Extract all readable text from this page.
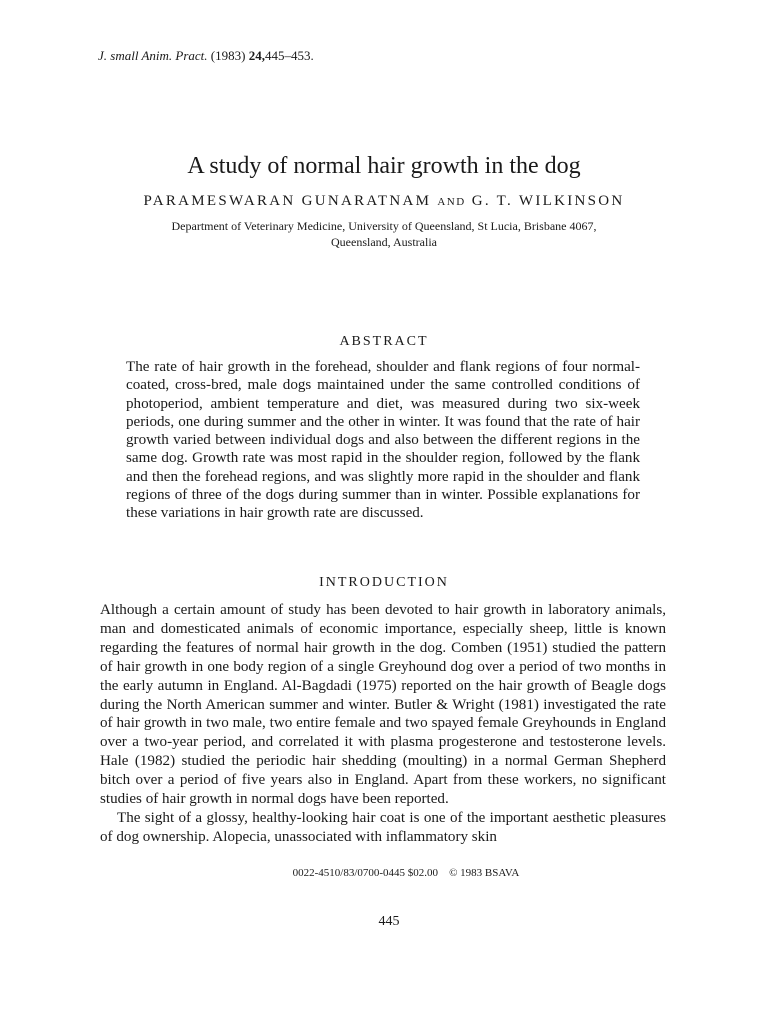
J. small Anim. Pract. (1983) 24,445–453.
A study of normal hair growth in the dog
PARAMESWARAN GUNARATNAM AND G. T. WILKINSON
Department of Veterinary Medicine, University of Queensland, St Lucia, Brisbane 4067,
Queensland, Australia
ABSTRACT
The rate of hair growth in the forehead, shoulder and flank regions of four normal-coated, cross-bred, male dogs maintained under the same controlled conditions of photoperiod, ambient temperature and diet, was measured during two six-week periods, one during summer and the other in winter. It was found that the rate of hair growth varied between individual dogs and also between the different regions in the same dog. Growth rate was most rapid in the shoulder region, followed by the flank and then the forehead regions, and was slightly more rapid in the shoulder and flank regions of three of the dogs during summer than in winter. Possible explanations for these variations in hair growth rate are discussed.
INTRODUCTION

Although a certain amount of study has been devoted to hair growth in laboratory animals, man and domesticated animals of economic importance, especially sheep, little is known regarding the features of normal hair growth in the dog. Comben (1951) studied the pattern of hair growth in one body region of a single Greyhound dog over a period of two months in the early autumn in England. Al-Bagdadi (1975) reported on the hair growth of Beagle dogs during the North American summer and winter. Butler & Wright (1981) investigated the rate of hair growth in two male, two entire female and two spayed female Greyhounds in England over a two-year period, and correlated it with plasma progesterone and testosterone levels. Hale (1982) studied the periodic hair shedding (moulting) in a normal German Shepherd bitch over a period of five years also in England. Apart from these workers, no significant studies of hair growth in normal dogs have been reported.

The sight of a glossy, healthy-looking hair coat is one of the important aesthetic pleasures of dog ownership. Alopecia, unassociated with inflammatory skin

0022-4510/83/0700-0445 $02.00 © 1983 BSAVA
445
